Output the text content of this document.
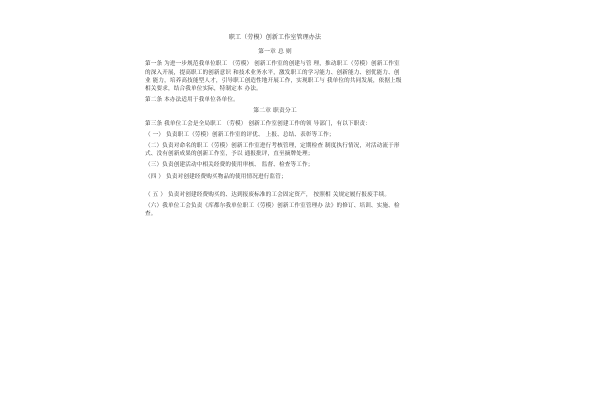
职工（劳模）创新工作室管理办法
第一章 总 则
第一条 为进一步规范我单位职工 （劳模） 创新工作室的创建与管 理，推动职工（劳模）创新工作室的深入开展，提高职工的创新意识 和技术业务水平，激发职工的学习能力、创新能力、创优能力、创业 能力，培养高技能型人才，引导职工创造性地开展工作，实现职工与 我单位的共同发展，依据上级相关要求，结合我单位实际，特制定本 办法。
第二条 本办法适用于我单位各单位。
第二章 职责分工
第三条 我单位工会是全局职工 （劳模） 创新工作室创建工作的领 导部门，有以下职责：
（ 一） 负责职工（劳模）创新工作室的评优、 上报、总结、表彰等工作；
（二）负责对命名的职工（劳模）创新工作室进行考核管理，定期检查 制度执行情况，对活动流于形式、没有创新成果的创新工作室，予以 通报批评，直至摘牌处理；
（三）负责创建活动中相关经费的使用审核、 监督、检查等工作；
（四 ） 负责对创建经费购买物品的使用情况进行监管；
（ 五 ） 负责对创建经费购买的、达到报废标准的工会固定资产， 按照相 关规定履行报废手续。
（六）我单位工会负责《库都尔我单位职工（劳模）创新工作室管理办 法》的修订、培训、实施、检查。
